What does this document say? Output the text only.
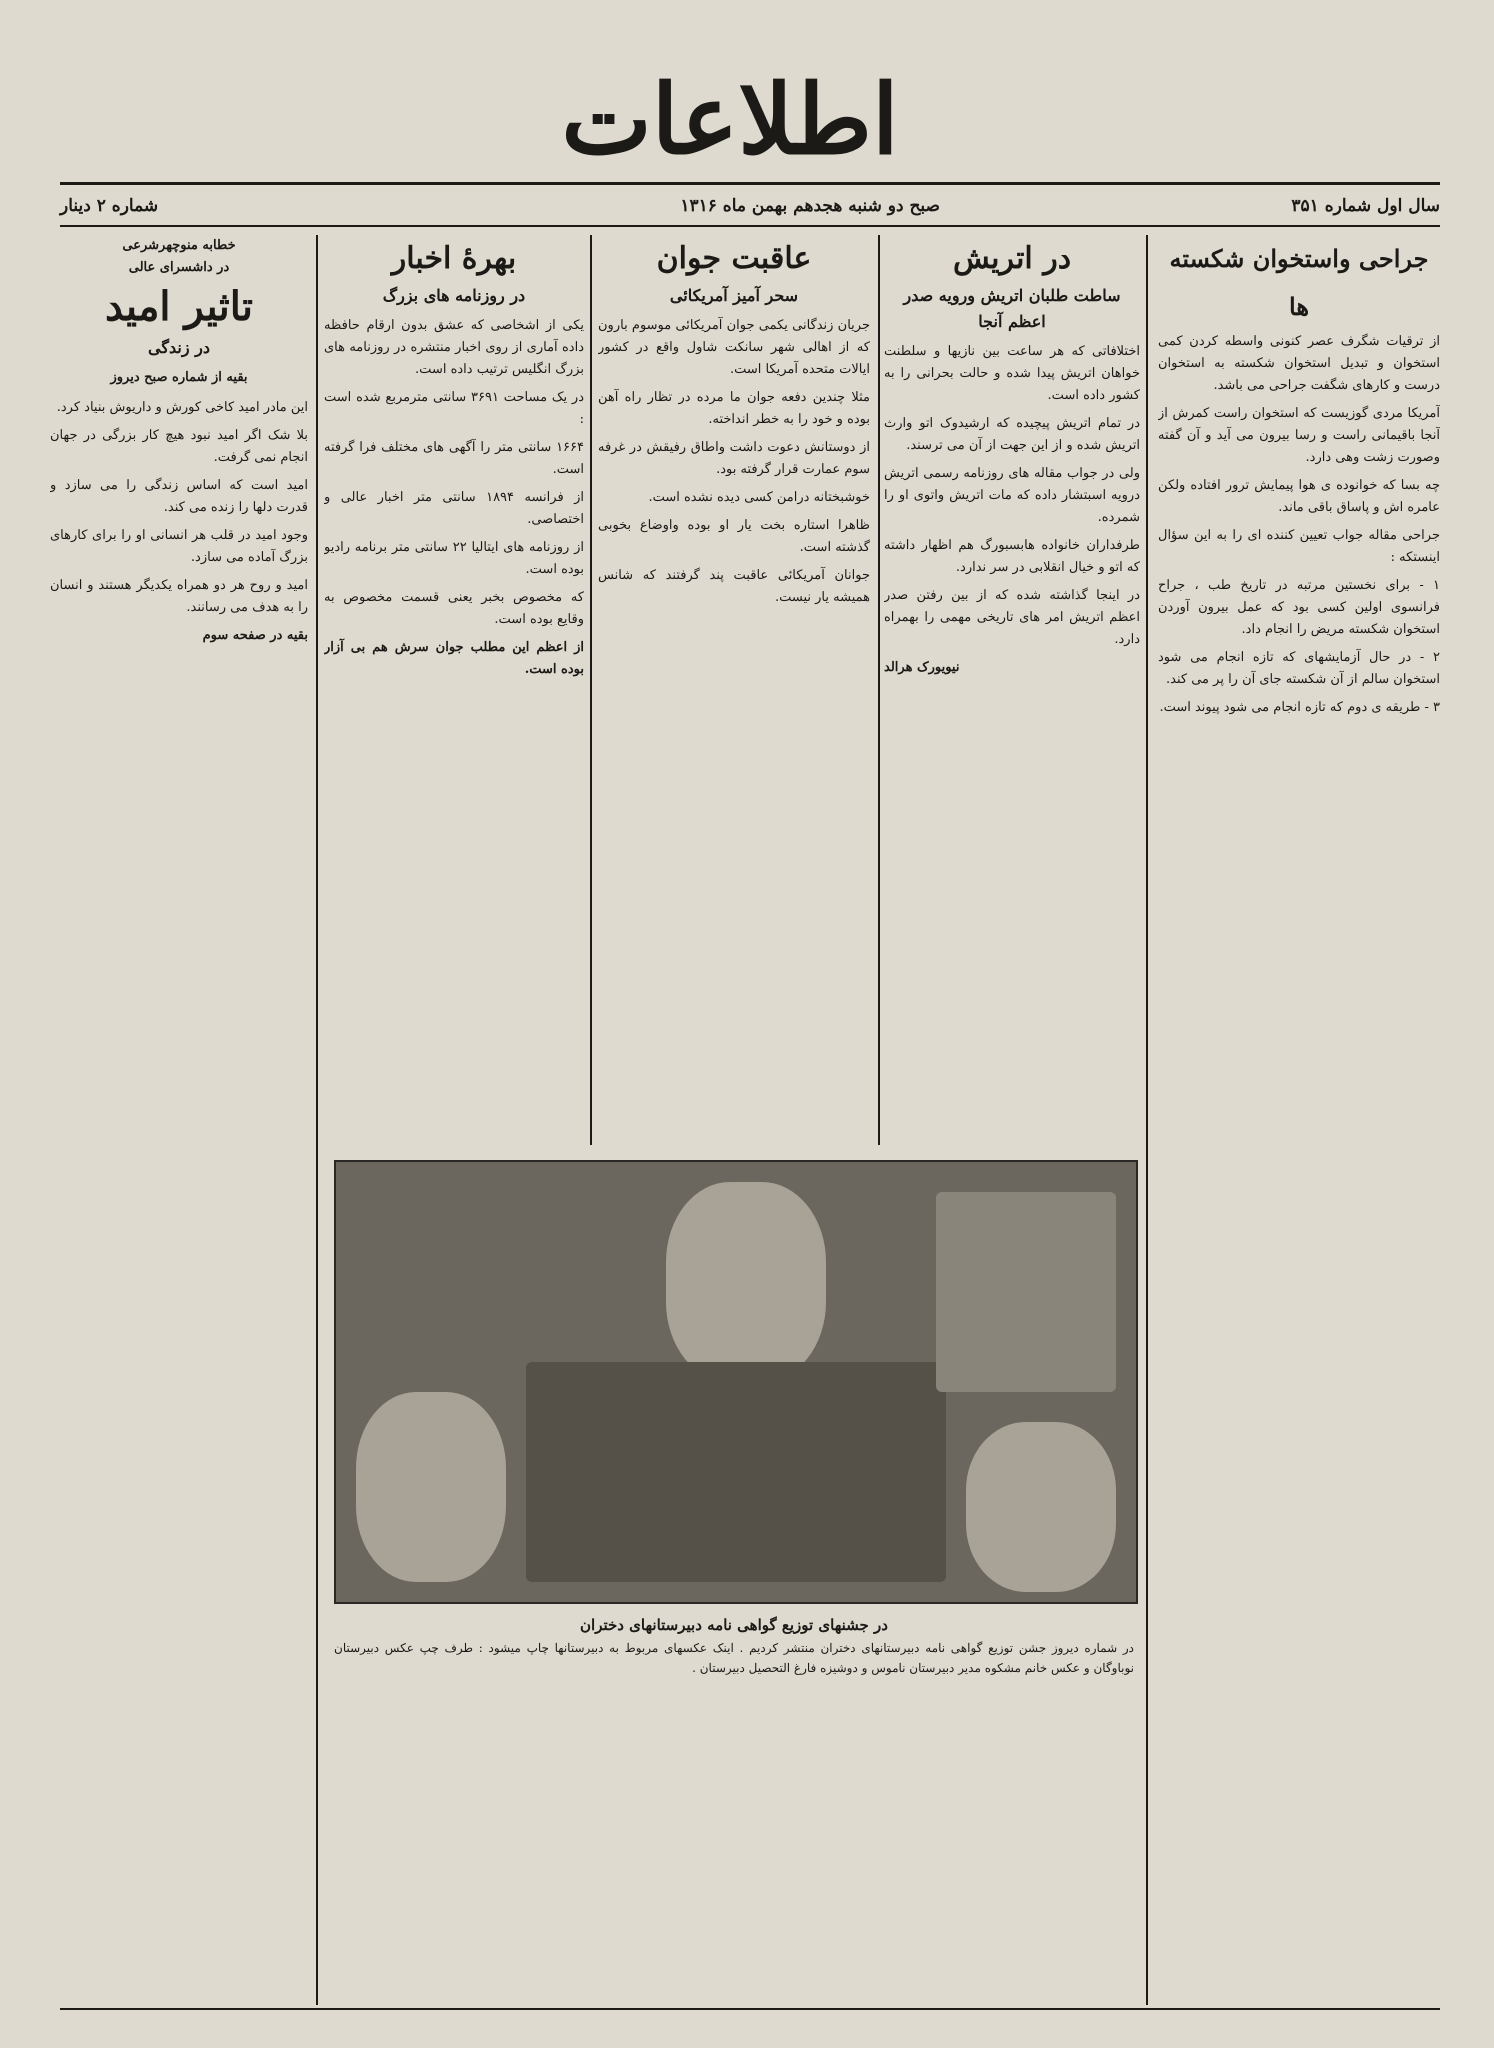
اطلاعات
سال اول شماره ۳۵۱
صبح دو شنبه هجدهم بهمن ماه ۱۳۱۶
شماره ۲ دینار
جراحی واستخوان شکسته ها

از ترقیات شگرف عصر کنونی واسطه کردن کمی استخوان و تبدیل استخوان شکسته به استخوان درست و کارهای شگفت جراحی می باشد.

آمریکا مردی گوزیست که استخوان راست کمرش از آنجا باقیمانی راست و رسا بیرون می آید و آن گفته وصورت زشت وهی دارد.

چه بسا که خوانوده ی هوا پیمایش ترور افتاده ولکن عامره اش و پاساق باقی ماند.

جراحی مقاله جواب تعیین کننده ای را به این سؤال اینستکه :

۱ - برای نخستین مرتبه در تاریخ طب ، جراح فرانسوی اولین کسی بود که عمل بیرون آوردن استخوان شکسته مریض را انجام داد.

۲ - در حال آزمایشهای که تازه انجام می شود استخوان سالم از آن شکسته جای آن را پر می کند.

۳ - طریقه ی دوم که تازه انجام می شود پیوند است.

در اتریش
ساطت طلبان اتریش ورویه صدر اعظم آنجا

اختلافاتی که هر ساعت بین نازیها و سلطنت خواهان اتریش پیدا شده و حالت بحرانی را به کشور داده است.

در تمام اتریش پیچیده که ارشیدوک اتو وارث اتریش شده و از این جهت از آن می ترسند.

ولی در جواب مقاله های روزنامه رسمی اتریش درویه اسبتشار داده که مات اتریش واتوی او را شمرده.

طرفداران خانواده هابسبورگ هم اظهار داشته که اتو و خیال انقلابی در سر ندارد.

در اینجا گذاشته شده که از بین رفتن صدر اعظم اتریش امر های تاریخی مهمی را بهمراه دارد.

نیویورک هرالد
عاقبت جوان
سحر آمیز آمریکائی

جریان زندگانی یکمی جوان آمریکائی موسوم بارون که از اهالی شهر سانکت شاول واقع در کشور ایالات متحده آمریکا است.

مثلا چندین دفعه جوان ما مرده در تظار راه آهن بوده و خود را به خطر انداخته.

از دوستانش دعوت داشت واطاق رفیقش در غرفه سوم عمارت قرار گرفته بود.

خوشبختانه درامن کسی دیده نشده است.

ظاهرا استاره بخت یار او بوده واوضاع بخوبی گذشته است.

جوانان آمریکائی عاقبت پند گرفتند که شانس همیشه یار نیست.

بهرهٔ اخبار
در روزنامه های بزرگ

یکی از اشخاصی که عشق بدون ارقام حافظه داده آماری از روی اخبار منتشره در روزنامه های بزرگ انگلیس ترتیب داده است.

در یک مساحت ۳۶۹۱ سانتی مترمربع شده است :

۱۶۶۴ سانتی متر را آگهی های مختلف فرا گرفته است.

از فرانسه ۱۸۹۴ سانتی متر اخبار عالی و اختصاصی.

از روزنامه های ایتالیا ۲۲ سانتی متر برنامه رادیو بوده است.

که مخصوص بخبر یعنی قسمت مخصوص به وقایع بوده است.

از اعظم این مطلب جوان سرش هم بی آزار بوده است.
خطابه منوچهرشرعی
در داشسرای عالی
تاثیر امید
در زندگی
بقیه از شماره صبح دیروز

این مادر امید کاخی کورش و داریوش بنیاد کرد.

بلا شک اگر امید نبود هیچ کار بزرگی در جهان انجام نمی گرفت.

امید است که اساس زندگی را می سازد و قدرت دلها را زنده می کند.

وجود امید در قلب هر انسانی او را برای کارهای بزرگ آماده می سازد.

امید و روح هر دو همراه یکدیگر هستند و انسان را به هدف می رسانند.

بقیه در صفحه سوم
در جشنهای توزیع گواهی نامه دبیرستانهای دختران
در شماره دیروز جشن توزیع گواهی نامه دبیرستانهای دختران منتشر کردیم . اینک عکسهای مربوط به دبیرستانها چاپ میشود : طرف چپ عکس دبیرستان نوباوگان و عکس خانم مشکوه مدیر دبیرستان ناموس و دوشیزه فارغ التحصیل دبیرستان .
